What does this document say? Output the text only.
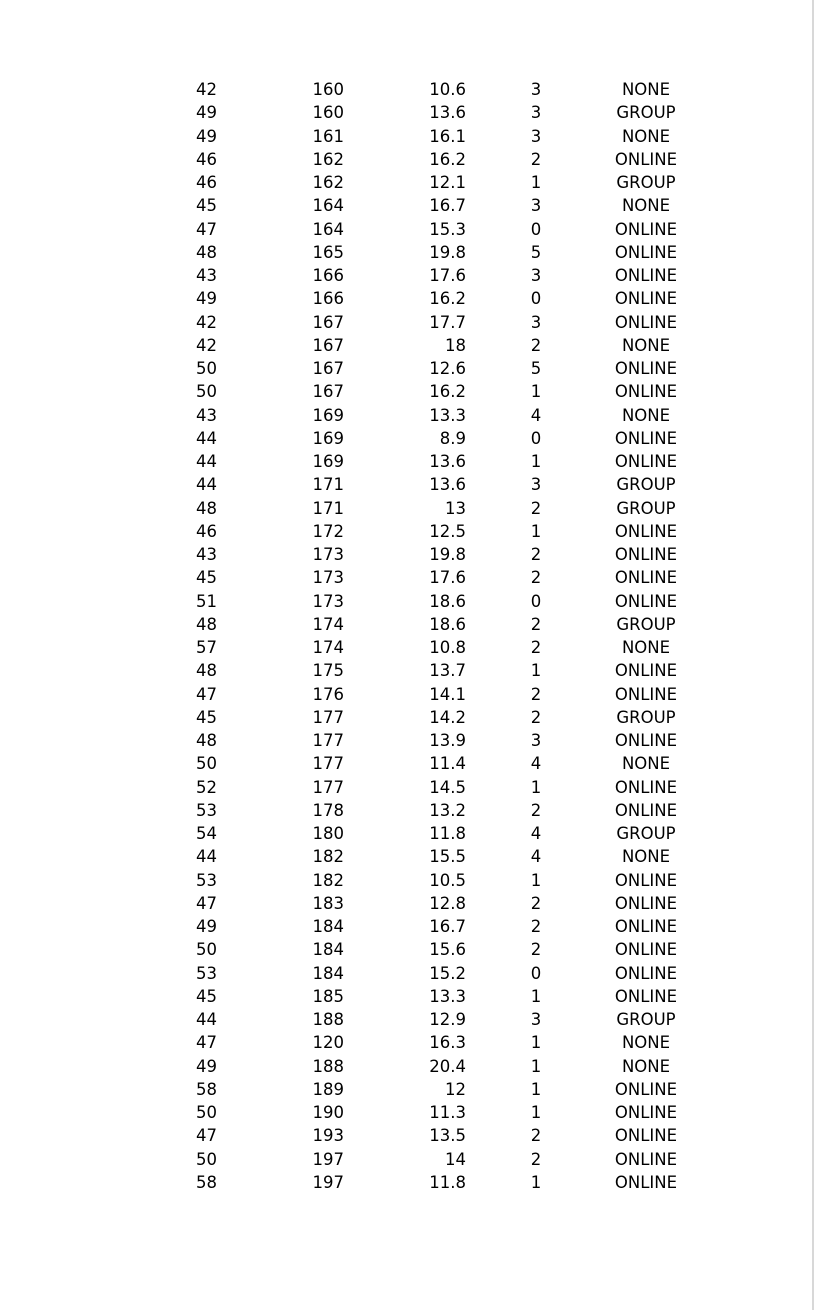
	42		160		10.6		3		NONE	
	49		160		13.6		3		GROUP	
	49		161		16.1		3		NONE	
	46		162		16.2		2		ONLINE	
	46		162		12.1		1		GROUP	
	45		164		16.7		3		NONE	
	47		164		15.3		0		ONLINE	
	48		165		19.8		5		ONLINE	
	43		166		17.6		3		ONLINE	
	49		166		16.2		0		ONLINE	
	42		167		17.7		3		ONLINE	
	42		167		18		2		NONE	
	50		167		12.6		5		ONLINE	
	50		167		16.2		1		ONLINE	
	43		169		13.3		4		NONE	
	44		169		8.9		0		ONLINE	
	44		169		13.6		1		ONLINE	
	44		171		13.6		3		GROUP	
	48		171		13		2		GROUP	
	46		172		12.5		1		ONLINE	
	43		173		19.8		2		ONLINE	
	45		173		17.6		2		ONLINE	
	51		173		18.6		0		ONLINE	
	48		174		18.6		2		GROUP	
	57		174		10.8		2		NONE	
	48		175		13.7		1		ONLINE	
	47		176		14.1		2		ONLINE	
	45		177		14.2		2		GROUP	
	48		177		13.9		3		ONLINE	
	50		177		11.4		4		NONE	
	52		177		14.5		1		ONLINE	
	53		178		13.2		2		ONLINE	
	54		180		11.8		4		GROUP	
	44		182		15.5		4		NONE	
	53		182		10.5		1		ONLINE	
	47		183		12.8		2		ONLINE	
	49		184		16.7		2		ONLINE	
	50		184		15.6		2		ONLINE	
	53		184		15.2		0		ONLINE	
	45		185		13.3		1		ONLINE	
	44		188		12.9		3		GROUP	
	47		120		16.3		1		NONE	
	49		188		20.4		1		NONE	
	58		189		12		1		ONLINE	
	50		190		11.3		1		ONLINE	
	47		193		13.5		2		ONLINE	
	50		197		14		2		ONLINE	
	58		197		11.8		1		ONLINE	
